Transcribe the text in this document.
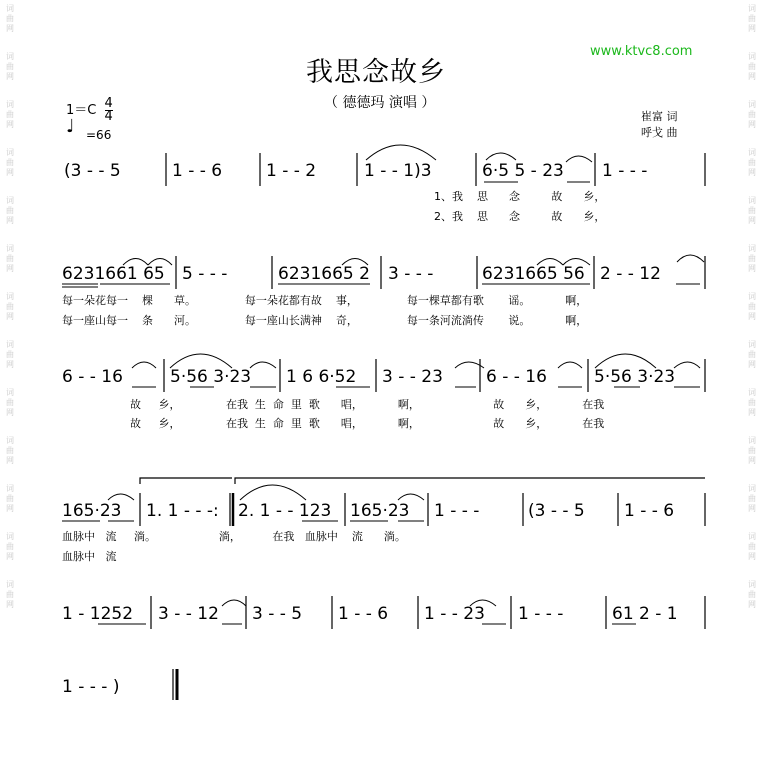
词
曲
网
词
曲
网
词
曲
网
词
曲
网
词
曲
网
词
曲
网
词
曲
网
词
曲
网
词
曲
网
词
曲
网
词
曲
网
词
曲
网
词
曲
网
词
曲
网
词
曲
网
词
曲
网
词
曲
网
词
曲
网
词
曲
网
词
曲
网
词
曲
网
词
曲
网
词
曲
网
词
曲
网
词
曲
网
词
曲
网
我思念故乡
www.ktvc8.com
（ 德德玛 演唱 ）
崔富 词
呼戈 曲
$1=C \frac{4}{4}$
♩ =66
1、我    思      念         故      乡，
2、我    思      念         故      乡，
每一朵花每一    棵      草。              每一朵花都有故    事，              每一棵草都有歌       谣。          啊，
每一座山每一    条      河。              每一座山长满神    奇，              每一条河流淌传       说。          啊，
故     乡，             在我  生  命  里  歌      唱，          啊，                     故      乡，          在我
故     乡，             在我  生  命  里  歌      唱，          啊，                     故      乡，          在我
血脉中   流     淌。                  淌，         在我   血脉中    流      淌。
血脉中   流
(3 - - 5	1 - - 6	1 - - 2	1 - - 1)3	6·5 5 - 23 1 - - -
6231661 65 5 - - -	6231665 2 3 - - -	6231665 56 2 - - 12
6 - - 16	5·56 3·23 1 6 6·52 3 - - 23	6 - - 16	5·56 3·23
165·23 1. 1 - - -: 2. 1 - - 123 165·23 1 - - -	(3 - - 5 1 - - 6
1 - 1252 3 - - 12 3 - - 5 1 - - 6 1 - - 23 1 - - -	61 2 - 1
1 - - - )
